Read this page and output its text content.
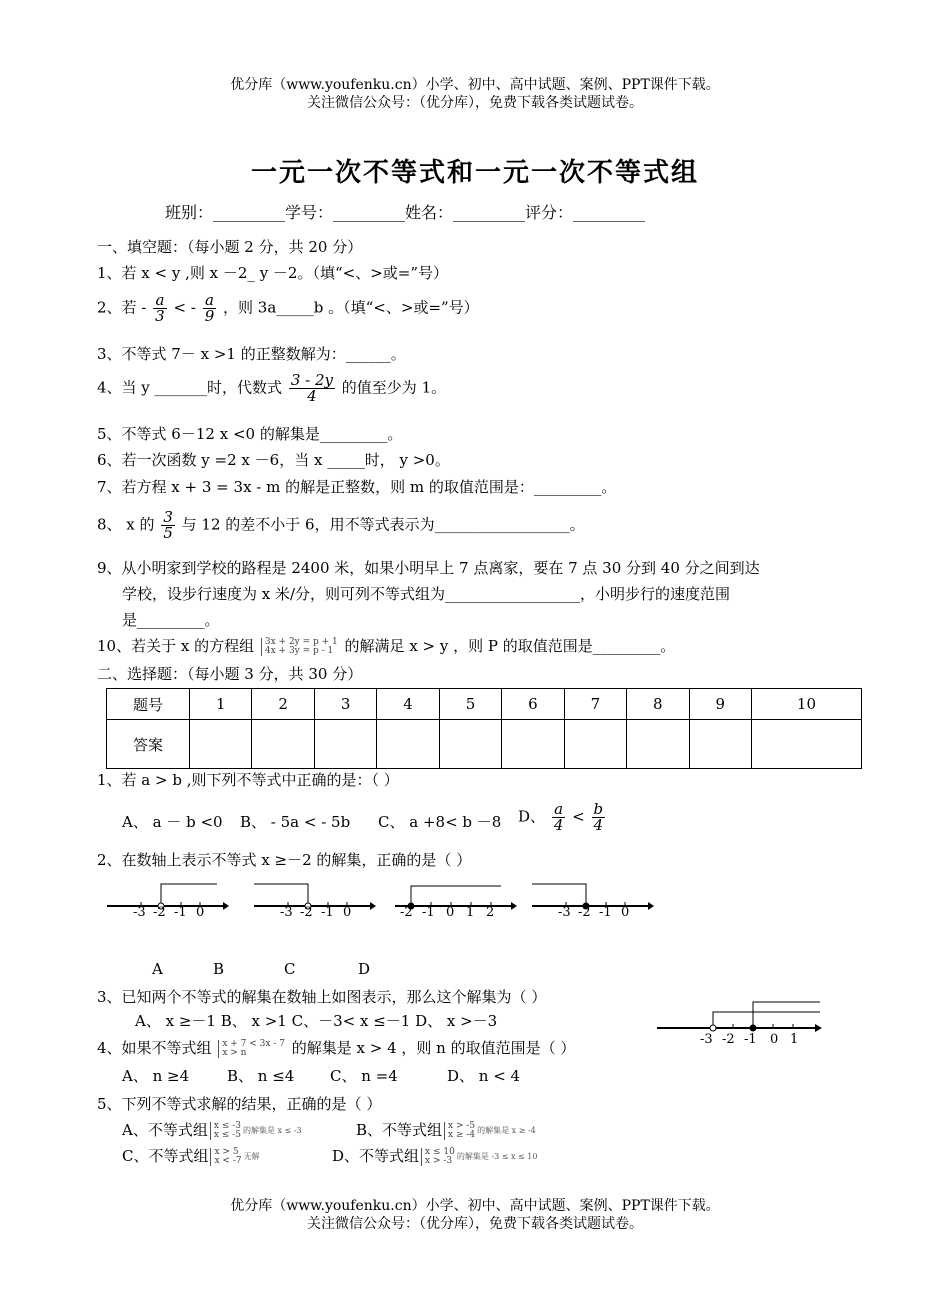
优分库（www.youfenku.cn）小学、初中、高中试题、案例、PPT课件下载。
关注微信公众号：（优分库），免费下载各类试题试卷。
一元一次不等式和一元一次不等式组
班别：_________学号：_________姓名：_________评分：_________
一、填空题：（每小题 2 分，共 20 分）
1、若 x < y ,则 x －2_ y －2。（填“<、>或=”号）
2、若 - $\frac{a}{3}$ < - $\frac{a}{9}$ ，则 3a_____b 。（填“<、>或=”号）
3、不等式 7－ x >1 的正整数解为：______。
4、当 y _______时，代数式 $\frac{3 - 2y}{4}$ 的值至少为 1。
5、不等式 6－12 x <0 的解集是_________。
6、若一次函数 y =2 x －6，当 x _____时， y >0。
7、若方程 x + 3 = 3x - m 的解是正整数，则 m 的取值范围是：_________。
8、 x 的 $\frac{3}{5}$ 与 12 的差不小于 6，用不等式表示为__________________。
9、从小明家到学校的路程是 2400 米，如果小明早上 7 点离家，要在 7 点 30 分到 40 分之间到达
学校，设步行速度为 x 米/分，则可列不等式组为__________________，小明步行的速度范围
是_________。
10、若关于 x 的方程组 3x + 2y = p + 1
4x + 3y = p - 1 的解满足 x > y ，则 P 的取值范围是_________。
二、选择题：（每小题 3 分，共 30 分）
题号	1	2	3	4	5	6	7	8	9	10
答案										
1、若 a > b ,则下列不等式中正确的是：（ ）
A、 a － b <0 B、 - 5a < - 5b C、 a +8< b －8 D、 $\frac{a}{4} < \frac{b}{4}$
2、在数轴上表示不等式 x ≥－2 的解集，正确的是（ ）
-3 -2 -1 0	-3 -2 -1 0	-2 -1 0 1 2	-3 -2 -1 0
A	B	C	D
3、已知两个不等式的解集在数轴上如图表示，那么这个解集为（ ）
A、 x ≥－1 B、 x >1 C、－3< x ≤－1 D、 x >－3
-3 -2 -1 0 1
4、如果不等式组 x + 7 < 3x - 7
x > n	的解集是 x > 4 ，则 n 的取值范围是（ ）
A、 n ≥4	B、 n ≤4 C、 n =4	D、 n < 4
5、下列不等式求解的结果，正确的是（ ）
A、不等式组 x ≤ -3
x ≤ -5 的解集是 x ≤ -3	B、不等式组 x > -5
x ≥ -4 的解集是 x ≥ -4
C、不等式组 x > 5
x < -7 无解	D、不等式组 x ≤ 10
x > -3 的解集是 -3 ≤ x ≤ 10
优分库（www.youfenku.cn）小学、初中、高中试题、案例、PPT课件下载。
关注微信公众号：（优分库），免费下载各类试题试卷。
